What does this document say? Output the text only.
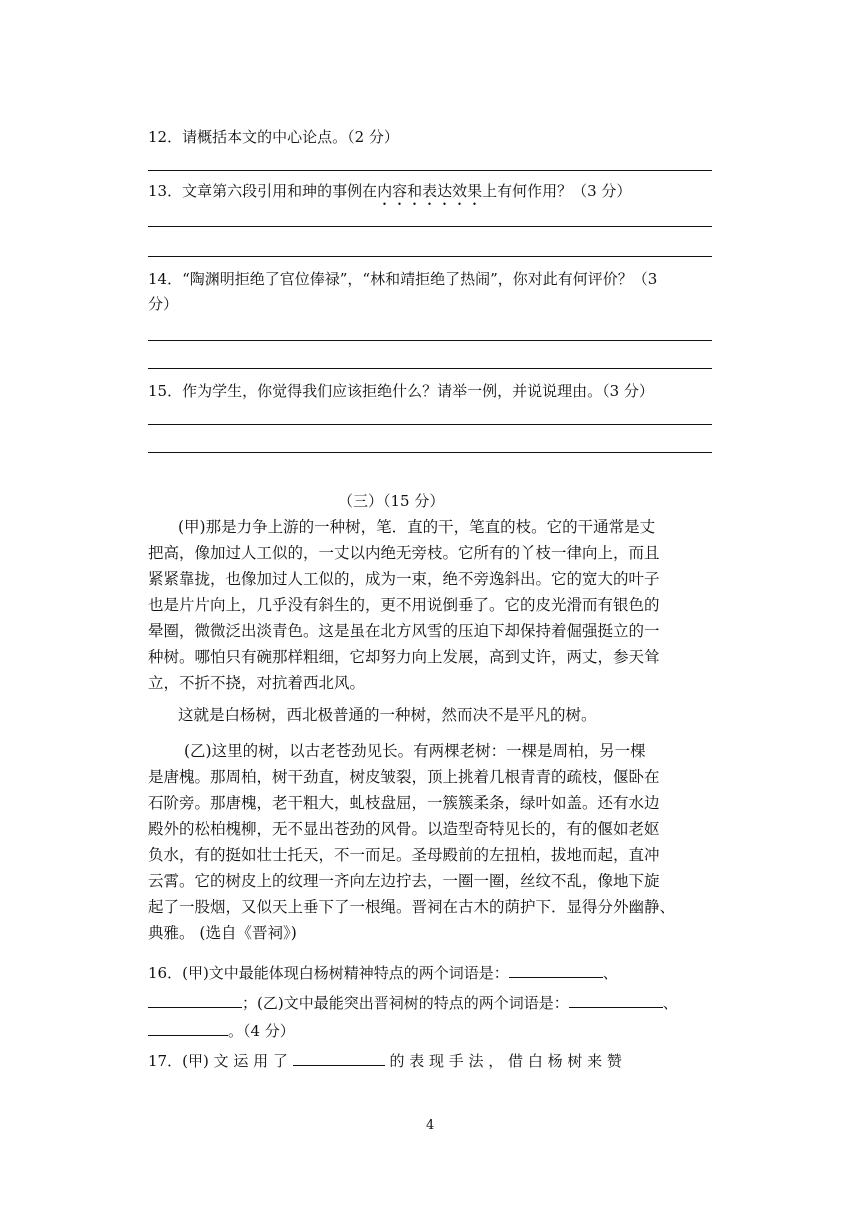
12．请概括本文的中心论点。（2 分）
13．文章第六段引用和珅的事例在内容和表达效果上有何作用？（3 分）
14．“陶渊明拒绝了官位俸禄”，“林和靖拒绝了热闹”，你对此有何评价？（3
分）
15．作为学生，你觉得我们应该拒绝什么？请举一例，并说说理由。（3 分）
（三）（15 分）
(甲)那是力争上游的一种树，笔．直的干，笔直的枝。它的干通常是丈
把高，像加过人工似的，一丈以内绝无旁枝。它所有的丫枝一律向上，而且
紧紧靠拢，也像加过人工似的，成为一束，绝不旁逸斜出。它的宽大的叶子
也是片片向上，几乎没有斜生的，更不用说倒垂了。它的皮光滑而有银色的
晕圈，微微泛出淡青色。这是虽在北方风雪的压迫下却保持着倔强挺立的一
种树。哪怕只有碗那样粗细，它却努力向上发展，高到丈许，两丈，参天耸
立，不折不挠，对抗着西北风。
这就是白杨树，西北极普通的一种树，然而决不是平凡的树。
(乙)这里的树，以古老苍劲见长。有两棵老树：一棵是周柏，另一棵
是唐槐。那周柏，树干劲直，树皮皱裂，顶上挑着几根青青的疏枝，偃卧在
石阶旁。那唐槐，老干粗大，虬枝盘屈，一簇簇柔条，绿叶如盖。还有水边
殿外的松柏槐柳，无不显出苍劲的风骨。以造型奇特见长的，有的偃如老妪
负水，有的挺如壮士托天，不一而足。圣母殿前的左扭柏，拔地而起，直冲
云霄。它的树皮上的纹理一齐向左边拧去，一圈一圈，丝纹不乱，像地下旋
起了一股烟，又似天上垂下了一根绳。晋祠在古木的荫护下．显得分外幽静、
典雅。 (选自《晋祠》)
16．(甲)文中最能体现白杨树精神特点的两个词语是：	、
；(乙)文中最能突出晋祠树的特点的两个词语是：	、
。（4 分）
17．(甲) 文 运 用 了	的 表 现 手 法 ， 借 白 杨 树 来 赞
4
